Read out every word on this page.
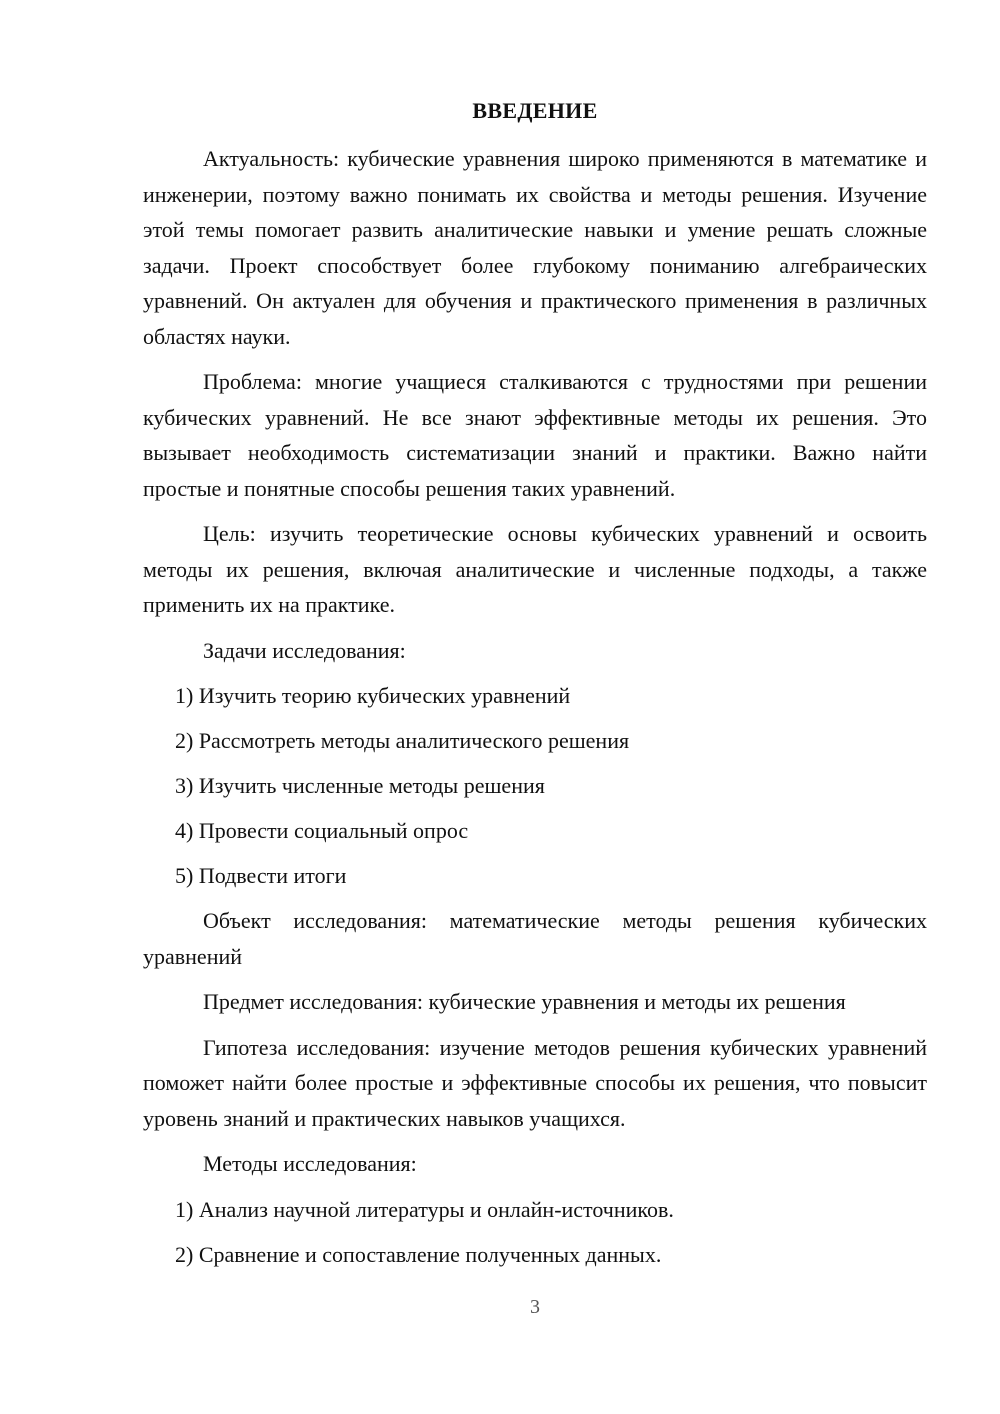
ВВЕДЕНИЕ

Актуальность: кубические уравнения широко применяются в математике и инженерии, поэтому важно понимать их свойства и методы решения. Изучение этой темы помогает развить аналитические навыки и умение решать сложные задачи. Проект способствует более глубокому пониманию алгебраических уравнений. Он актуален для обучения и практического применения в различных областях науки.

Проблема: многие учащиеся сталкиваются с трудностями при решении кубических уравнений. Не все знают эффективные методы их решения. Это вызывает необходимость систематизации знаний и практики. Важно найти простые и понятные способы решения таких уравнений.

Цель: изучить теоретические основы кубических уравнений и освоить методы их решения, включая аналитические и численные подходы, а также применить их на практике.

Задачи исследования:

1) Изучить теорию кубических уравнений
2) Рассмотреть методы аналитического решения
3) Изучить численные методы решения
4) Провести социальный опрос
5) Подвести итоги

Объект исследования: математические методы решения кубических уравнений

Предмет исследования: кубические уравнения и методы их решения

Гипотеза исследования: изучение методов решения кубических уравнений поможет найти более простые и эффективные способы их решения, что повысит уровень знаний и практических навыков учащихся.

Методы исследования:

1) Анализ научной литературы и онлайн-источников.
2) Сравнение и сопоставление полученных данных.
3
